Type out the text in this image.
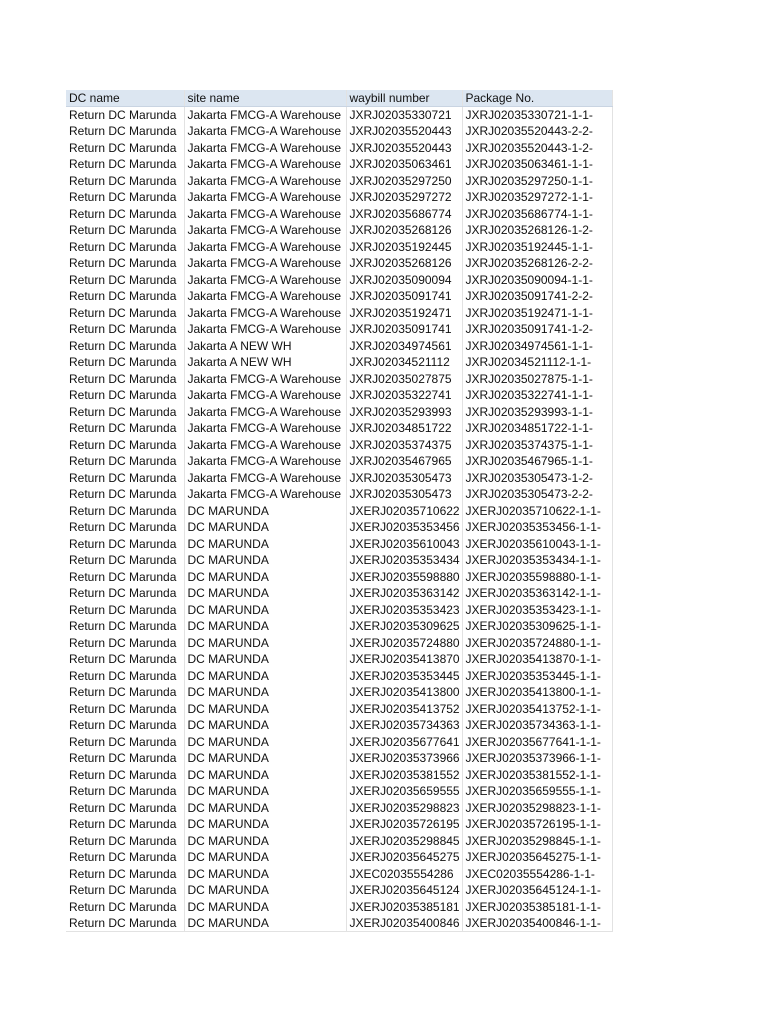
DC name	site name	waybill number	Package No.
Return DC Marunda	Jakarta FMCG-A Warehouse	JXRJ02035330721	JXRJ02035330721-1-1-
Return DC Marunda	Jakarta FMCG-A Warehouse	JXRJ02035520443	JXRJ02035520443-2-2-
Return DC Marunda	Jakarta FMCG-A Warehouse	JXRJ02035520443	JXRJ02035520443-1-2-
Return DC Marunda	Jakarta FMCG-A Warehouse	JXRJ02035063461	JXRJ02035063461-1-1-
Return DC Marunda	Jakarta FMCG-A Warehouse	JXRJ02035297250	JXRJ02035297250-1-1-
Return DC Marunda	Jakarta FMCG-A Warehouse	JXRJ02035297272	JXRJ02035297272-1-1-
Return DC Marunda	Jakarta FMCG-A Warehouse	JXRJ02035686774	JXRJ02035686774-1-1-
Return DC Marunda	Jakarta FMCG-A Warehouse	JXRJ02035268126	JXRJ02035268126-1-2-
Return DC Marunda	Jakarta FMCG-A Warehouse	JXRJ02035192445	JXRJ02035192445-1-1-
Return DC Marunda	Jakarta FMCG-A Warehouse	JXRJ02035268126	JXRJ02035268126-2-2-
Return DC Marunda	Jakarta FMCG-A Warehouse	JXRJ02035090094	JXRJ02035090094-1-1-
Return DC Marunda	Jakarta FMCG-A Warehouse	JXRJ02035091741	JXRJ02035091741-2-2-
Return DC Marunda	Jakarta FMCG-A Warehouse	JXRJ02035192471	JXRJ02035192471-1-1-
Return DC Marunda	Jakarta FMCG-A Warehouse	JXRJ02035091741	JXRJ02035091741-1-2-
Return DC Marunda	Jakarta A NEW WH	JXRJ02034974561	JXRJ02034974561-1-1-
Return DC Marunda	Jakarta A NEW WH	JXRJ02034521112	JXRJ02034521112-1-1-
Return DC Marunda	Jakarta FMCG-A Warehouse	JXRJ02035027875	JXRJ02035027875-1-1-
Return DC Marunda	Jakarta FMCG-A Warehouse	JXRJ02035322741	JXRJ02035322741-1-1-
Return DC Marunda	Jakarta FMCG-A Warehouse	JXRJ02035293993	JXRJ02035293993-1-1-
Return DC Marunda	Jakarta FMCG-A Warehouse	JXRJ02034851722	JXRJ02034851722-1-1-
Return DC Marunda	Jakarta FMCG-A Warehouse	JXRJ02035374375	JXRJ02035374375-1-1-
Return DC Marunda	Jakarta FMCG-A Warehouse	JXRJ02035467965	JXRJ02035467965-1-1-
Return DC Marunda	Jakarta FMCG-A Warehouse	JXRJ02035305473	JXRJ02035305473-1-2-
Return DC Marunda	Jakarta FMCG-A Warehouse	JXRJ02035305473	JXRJ02035305473-2-2-
Return DC Marunda	DC MARUNDA	JXERJ02035710622	JXERJ02035710622-1-1-
Return DC Marunda	DC MARUNDA	JXERJ02035353456	JXERJ02035353456-1-1-
Return DC Marunda	DC MARUNDA	JXERJ02035610043	JXERJ02035610043-1-1-
Return DC Marunda	DC MARUNDA	JXERJ02035353434	JXERJ02035353434-1-1-
Return DC Marunda	DC MARUNDA	JXERJ02035598880	JXERJ02035598880-1-1-
Return DC Marunda	DC MARUNDA	JXERJ02035363142	JXERJ02035363142-1-1-
Return DC Marunda	DC MARUNDA	JXERJ02035353423	JXERJ02035353423-1-1-
Return DC Marunda	DC MARUNDA	JXERJ02035309625	JXERJ02035309625-1-1-
Return DC Marunda	DC MARUNDA	JXERJ02035724880	JXERJ02035724880-1-1-
Return DC Marunda	DC MARUNDA	JXERJ02035413870	JXERJ02035413870-1-1-
Return DC Marunda	DC MARUNDA	JXERJ02035353445	JXERJ02035353445-1-1-
Return DC Marunda	DC MARUNDA	JXERJ02035413800	JXERJ02035413800-1-1-
Return DC Marunda	DC MARUNDA	JXERJ02035413752	JXERJ02035413752-1-1-
Return DC Marunda	DC MARUNDA	JXERJ02035734363	JXERJ02035734363-1-1-
Return DC Marunda	DC MARUNDA	JXERJ02035677641	JXERJ02035677641-1-1-
Return DC Marunda	DC MARUNDA	JXERJ02035373966	JXERJ02035373966-1-1-
Return DC Marunda	DC MARUNDA	JXERJ02035381552	JXERJ02035381552-1-1-
Return DC Marunda	DC MARUNDA	JXERJ02035659555	JXERJ02035659555-1-1-
Return DC Marunda	DC MARUNDA	JXERJ02035298823	JXERJ02035298823-1-1-
Return DC Marunda	DC MARUNDA	JXERJ02035726195	JXERJ02035726195-1-1-
Return DC Marunda	DC MARUNDA	JXERJ02035298845	JXERJ02035298845-1-1-
Return DC Marunda	DC MARUNDA	JXERJ02035645275	JXERJ02035645275-1-1-
Return DC Marunda	DC MARUNDA	JXEC02035554286	JXEC02035554286-1-1-
Return DC Marunda	DC MARUNDA	JXERJ02035645124	JXERJ02035645124-1-1-
Return DC Marunda	DC MARUNDA	JXERJ02035385181	JXERJ02035385181-1-1-
Return DC Marunda	DC MARUNDA	JXERJ02035400846	JXERJ02035400846-1-1-
